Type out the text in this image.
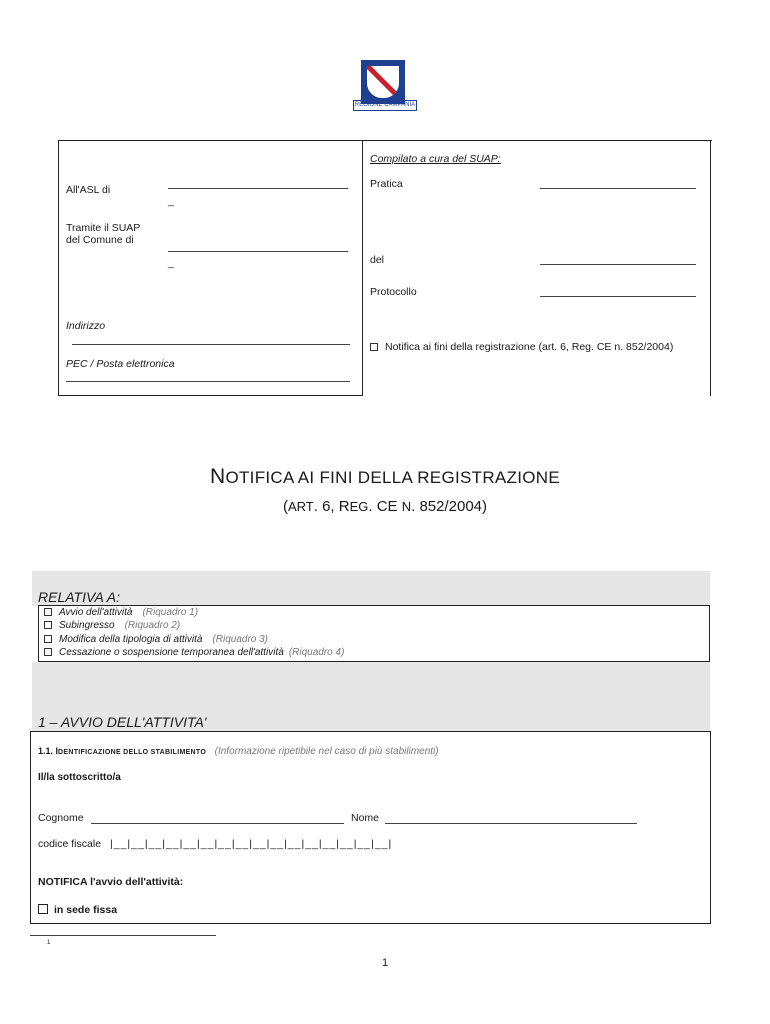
REGIONE CAMPANIA
All'ASL di
_
Tramite il SUAP
del Comune di
_
Indirizzo
PEC / Posta elettronica
Compilato a cura del SUAP:
Pratica
del
Protocollo
Notifica ai fini della registrazione (art. 6, Reg. CE n. 852/2004)
NOTIFICA AI FINI DELLA REGISTRAZIONE
(ART. 6, REG. CE N. 852/2004)
RELATIVA A:
Avvio dell'attività (Riquadro 1)
Subingresso (Riquadro 2)
Modifica della tipologia di attività (Riquadro 3)
Cessazione o sospensione temporanea dell'attività (Riquadro 4)
1 – AVVIO DELL'ATTIVITA'
1.1. IDENTIFICAZIONE DELLO STABILIMENTO (Informazione ripetibile nel caso di più stabilimenti)
Il/la sottoscritto/a
Cognome	Nome
codice fiscale |__|__|__|__|__|__|__|__|__|__|__|__|__|__|__|__|
NOTIFICA l'avvio dell'attività:
in sede fissa
1
1
